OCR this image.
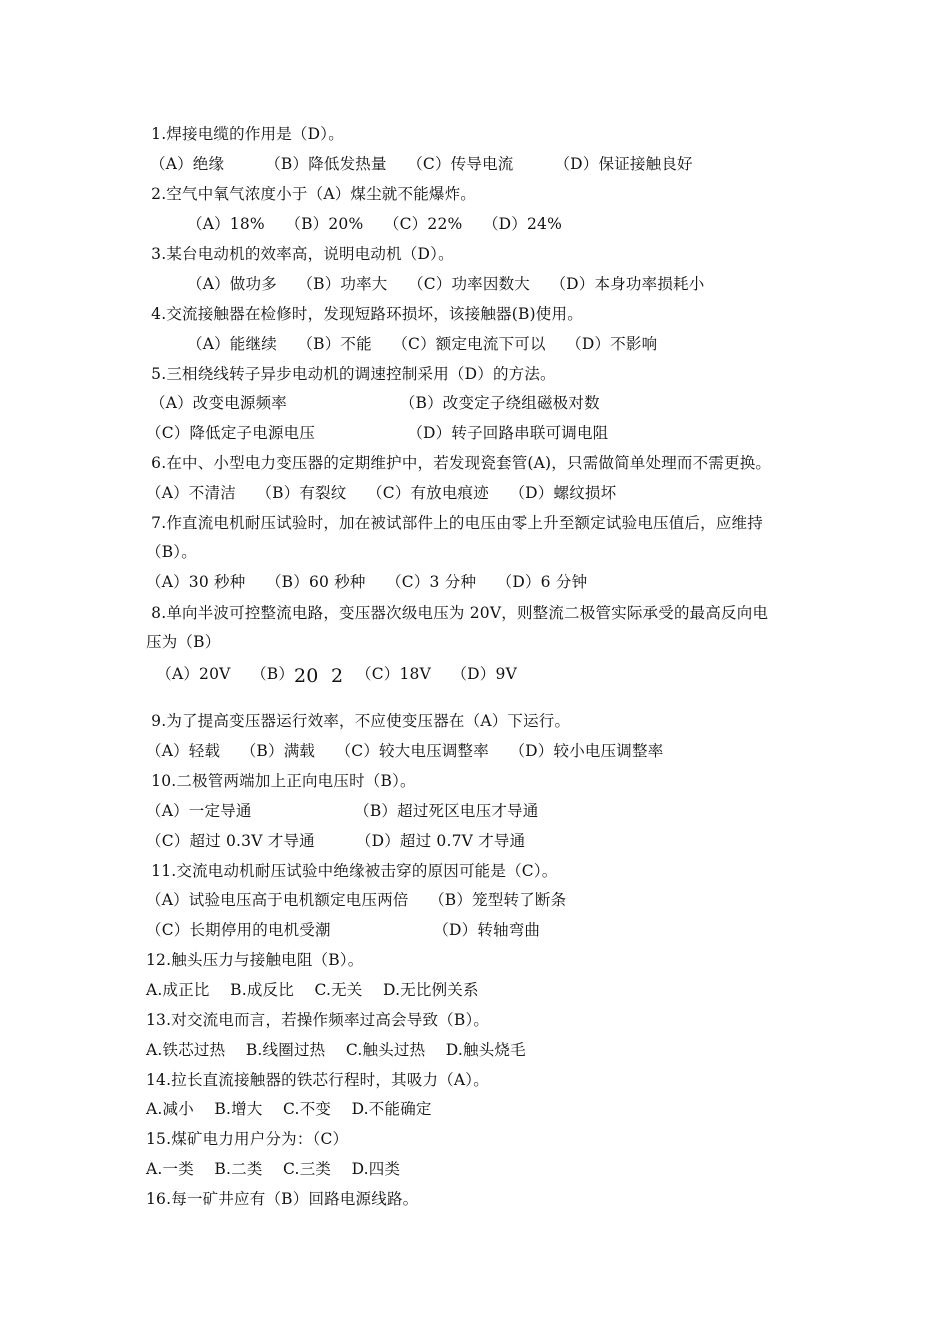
1.焊接电缆的作用是（D）。
（A）绝缘        （B）降低发热量    （C）传导电流        （D）保证接触良好
2.空气中氧气浓度小于（A）煤尘就不能爆炸。
（A）18%    （B）20%    （C）22%    （D）24%
3.某台电动机的效率高，说明电动机（D）。
（A）做功多    （B）功率大    （C）功率因数大    （D）本身功率损耗小
4.交流接触器在检修时，发现短路环损坏，该接触器(B)使用。
（A）能继续    （B）不能    （C）额定电流下可以    （D）不影响
5.三相绕线转子异步电动机的调速控制采用（D）的方法。
（A）改变电源频率                      （B）改变定子绕组磁极对数
（C）降低定子电源电压                  （D）转子回路串联可调电阻
6.在中、小型电力变压器的定期维护中，若发现瓷套管(A)，只需做简单处理而不需更换。
（A）不清洁    （B）有裂纹    （C）有放电痕迹    （D）螺纹损坏
7.作直流电机耐压试验时，加在被试部件上的电压由零上升至额定试验电压值后，应维持
（B）。
（A）30 秒种    （B）60 秒种    （C）3 分种    （D）6 分钟
8.单向半波可控整流电路，变压器次级电压为 20V，则整流二极管实际承受的最高反向电
压为（B）
（A）20V    （B） 20  2 （C）18V    （D）9V
9.为了提高变压器运行效率，不应使变压器在（A）下运行。
（A）轻载    （B）满载    （C）较大电压调整率    （D）较小电压调整率
10.二极管两端加上正向电压时（B）。
（A）一定导通                    （B）超过死区电压才导通
（C）超过 0.3V 才导通        （D）超过 0.7V 才导通
11.交流电动机耐压试验中绝缘被击穿的原因可能是（C）。
（A）试验电压高于电机额定电压两倍    （B）笼型转了断条
（C）长期停用的电机受潮                    （D）转轴弯曲
12.触头压力与接触电阻（B）。
A.成正比    B.成反比    C.无关    D.无比例关系
13.对交流电而言，若操作频率过高会导致（B）。
A.铁芯过热    B.线圈过热    C.触头过热    D.触头烧毛
14.拉长直流接触器的铁芯行程时，其吸力（A）。
A.减小    B.增大    C.不变    D.不能确定
15.煤矿电力用户分为：（C）
A.一类    B.二类    C.三类    D.四类
16.每一矿井应有（B）回路电源线路。
